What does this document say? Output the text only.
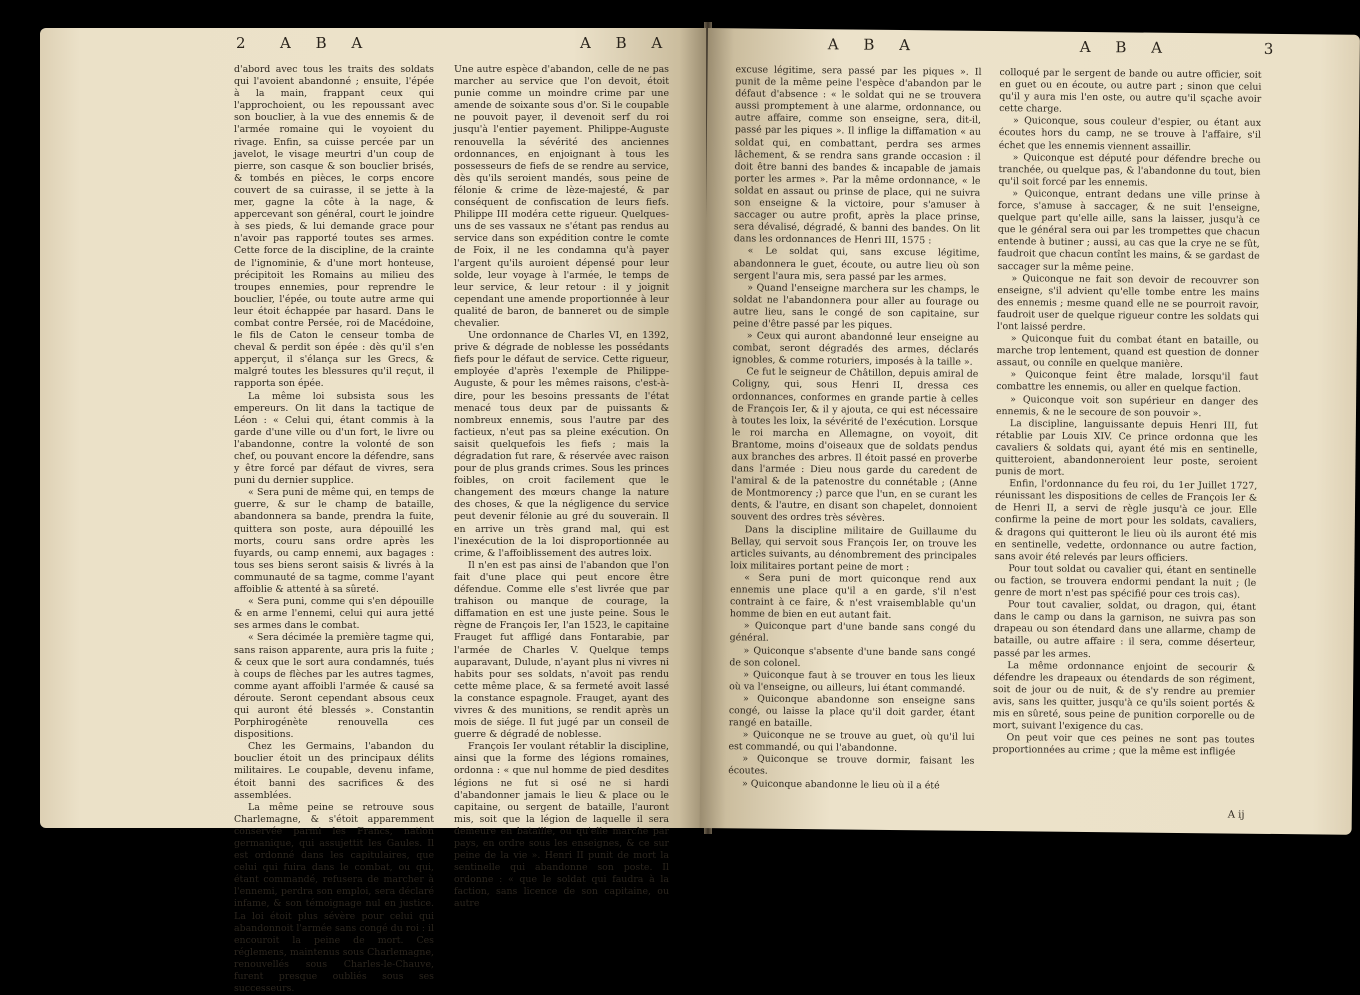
2 A B A	A B A

d'abord avec tous les traits des soldats qui l'avoient abandonné ; ensuite, l'épée à la main, frappant ceux qui l'approchoient, ou les repoussant avec son bouclier, à la vue des ennemis & de l'armée romaine qui le voyoient du rivage. Enfin, sa cuisse percée par un javelot, le visage meurtri d'un coup de pierre, son casque & son bouclier brisés, & tombés en pièces, le corps encore couvert de sa cuirasse, il se jette à la mer, gagne la côte à la nage, & appercevant son général, court le joindre à ses pieds, & lui demande grace pour n'avoir pas rapporté toutes ses armes. Cette force de la discipline, de la crainte de l'ignominie, & d'une mort honteuse, précipitoit les Romains au milieu des troupes ennemies, pour reprendre le bouclier, l'épée, ou toute autre arme qui leur étoit échappée par hasard. Dans le combat contre Persée, roi de Macédoine, le fils de Caton le censeur tomba de cheval & perdit son épée : dès qu'il s'en apperçut, il s'élança sur les Grecs, & malgré toutes les blessures qu'il reçut, il rapporta son épée.

La même loi subsista sous les empereurs. On lit dans la tactique de Léon : « Celui qui, étant commis à la garde d'une ville ou d'un fort, le livre ou l'abandonne, contre la volonté de son chef, ou pouvant encore la défendre, sans y être forcé par défaut de vivres, sera puni du dernier supplice.

« Sera puni de même qui, en temps de guerre, & sur le champ de bataille, abandonnera sa bande, prendra la fuite, quittera son poste, aura dépouillé les morts, couru sans ordre après les fuyards, ou camp ennemi, aux bagages : tous ses biens seront saisis & livrés à la communauté de sa tagme, comme l'ayant affoiblie & attenté à sa sûreté.

« Sera puni, comme qui s'en dépouille & en arme l'ennemi, celui qui aura jetté ses armes dans le combat.

« Sera décimée la première tagme qui, sans raison apparente, aura pris la fuite ; & ceux que le sort aura condamnés, tués à coups de flèches par les autres tagmes, comme ayant affoibli l'armée & causé sa déroute. Seront cependant absous ceux qui auront été blessés ». Constantin Porphirogénète renouvella ces dispositions.

Chez les Germains, l'abandon du bouclier étoit un des principaux délits militaires. Le coupable, devenu infame, étoit banni des sacrifices & des assemblées.

La même peine se retrouve sous Charlemagne, & s'étoit apparemment conservée parmi les Francs, nation germanique, qui assujettit les Gaules. Il est ordonné dans les capitulaires, que celui qui fuira dans le combat, ou qui, étant commandé, refusera de marcher à l'ennemi, perdra son emploi, sera déclaré infame, & son témoignage nul en justice. La loi étoit plus sévère pour celui qui abandonnoit l'armée sans congé du roi : il encouroit la peine de mort. Ces réglemens, maintenus sous Charlemagne, renouvellés sous Charles-le-Chauve, furent presque oubliés sous ses successeurs.

Une autre espèce d'abandon, celle de ne pas marcher au service que l'on devoit, étoit punie comme un moindre crime par une amende de soixante sous d'or. Si le coupable ne pouvoit payer, il devenoit serf du roi jusqu'à l'entier payement. Philippe-Auguste renouvella la sévérité des anciennes ordonnances, en enjoignant à tous les possesseurs de fiefs de se rendre au service, dès qu'ils seroient mandés, sous peine de félonie & crime de lèze-majesté, & par conséquent de confiscation de leurs fiefs. Philippe III modéra cette rigueur. Quelques-uns de ses vassaux ne s'étant pas rendus au service dans son expédition contre le comte de Foix, il ne les condamna qu'à payer l'argent qu'ils auroient dépensé pour leur solde, leur voyage à l'armée, le temps de leur service, & leur retour : il y joignit cependant une amende proportionnée à leur qualité de baron, de banneret ou de simple chevalier.

Une ordonnance de Charles VI, en 1392, prive & dégrade de noblesse les possédants fiefs pour le défaut de service. Cette rigueur, employée d'après l'exemple de Philippe-Auguste, & pour les mêmes raisons, c'est-à-dire, pour les besoins pressants de l'état menacé tous deux par de puissants & nombreux ennemis, sous l'autre par des factieux, n'eut pas sa pleine exécution. On saisit quelquefois les fiefs ; mais la dégradation fut rare, & réservée avec raison pour de plus grands crimes. Sous les princes foibles, on croit facilement que le changement des mœurs change la nature des choses, & que la négligence du service peut devenir félonie au gré du souverain. Il en arrive un très grand mal, qui est l'inexécution de la loi disproportionnée au crime, & l'affoiblissement des autres loix.

Il n'en est pas ainsi de l'abandon que l'on fait d'une place qui peut encore être défendue. Comme elle s'est livrée que par trahison ou manque de courage, la diffamation en est une juste peine. Sous le règne de François Ier, l'an 1523, le capitaine Frauget fut affligé dans Fontarabie, par l'armée de Charles V. Quelque temps auparavant, Dulude, n'ayant plus ni vivres ni habits pour ses soldats, n'avoit pas rendu cette même place, & sa fermeté avoit lassé la constance espagnole. Frauget, ayant des vivres & des munitions, se rendit après un mois de siége. Il fut jugé par un conseil de guerre & dégradé de noblesse.

François Ier voulant rétablir la discipline, ainsi que la forme des légions romaines, ordonna : « que nul homme de pied desdites légions ne fut si osé ne si hardi d'abandonner jamais le lieu & place ou le capitaine, ou sergent de bataille, l'auront mis, soit que la légion de laquelle il sera demeure en bataille, ou qu'elle marche par pays, en ordre sous les enseignes, & ce sur peine de la vie ». Henri II punit de mort la sentinelle qui abandonne son poste. Il ordonne : « que le soldat qui faudra à la faction, sans licence de son capitaine, ou autre

A B A	A B A	3

excuse légitime, sera passé par les piques ». Il punit de la même peine l'espèce d'abandon par le défaut d'absence : « le soldat qui ne se trouvera aussi promptement à une alarme, ordonnance, ou autre affaire, comme son enseigne, sera, dit-il, passé par les piques ». Il inflige la diffamation « au soldat qui, en combattant, perdra ses armes lâchement, & se rendra sans grande occasion : il doit être banni des bandes & incapable de jamais porter les armes ». Par la même ordonnance, « le soldat en assaut ou prinse de place, qui ne suivra son enseigne & la victoire, pour s'amuser à saccager ou autre profit, après la place prinse, sera dévalisé, dégradé, & banni des bandes. On lit dans les ordonnances de Henri III, 1575 :

« Le soldat qui, sans excuse légitime, abandonnera le guet, écoute, ou autre lieu où son sergent l'aura mis, sera passé par les armes.

» Quand l'enseigne marchera sur les champs, le soldat ne l'abandonnera pour aller au fourage ou autre lieu, sans le congé de son capitaine, sur peine d'être passé par les piques.

» Ceux qui auront abandonné leur enseigne au combat, seront dégradés des armes, déclarés ignobles, & comme roturiers, imposés à la taille ».

Ce fut le seigneur de Châtillon, depuis amiral de Coligny, qui, sous Henri II, dressa ces ordonnances, conformes en grande partie à celles de François Ier, & il y ajouta, ce qui est nécessaire à toutes les loix, la sévérité de l'exécution. Lorsque le roi marcha en Allemagne, on voyoit, dit Brantome, moins d'oiseaux que de soldats pendus aux branches des arbres. Il étoit passé en proverbe dans l'armée : Dieu nous garde du caredent de l'amiral & de la patenostre du connétable ; (Anne de Montmorency ;) parce que l'un, en se curant les dents, & l'autre, en disant son chapelet, donnoient souvent des ordres très sévères.

Dans la discipline militaire de Guillaume du Bellay, qui servoit sous François Ier, on trouve les articles suivants, au dénombrement des principales loix militaires portant peine de mort :

« Sera puni de mort quiconque rend aux ennemis une place qu'il a en garde, s'il n'est contraint à ce faire, & n'est vraisemblable qu'un homme de bien en eut autant fait.

» Quiconque part d'une bande sans congé du général.

» Quiconque s'absente d'une bande sans congé de son colonel.

» Quiconque faut à se trouver en tous les lieux où va l'enseigne, ou ailleurs, lui étant commandé.

» Quiconque abandonne son enseigne sans congé, ou laisse la place qu'il doit garder, étant rangé en bataille.

» Quiconque ne se trouve au guet, où qu'il lui est commandé, ou qui l'abandonne.

» Quiconque se trouve dormir, faisant les écoutes.

» Quiconque abandonne le lieu où il a été

colloqué par le sergent de bande ou autre officier, soit en guet ou en écoute, ou autre part ; sinon que celui qu'il y aura mis l'en oste, ou autre qu'il sçache avoir cette charge.

» Quiconque, sous couleur d'espier, ou étant aux écoutes hors du camp, ne se trouve à l'affaire, s'il échet que les ennemis viennent assaillir.

» Quiconque est député pour défendre breche ou tranchée, ou quelque pas, & l'abandonne du tout, bien qu'il soit forcé par les ennemis.

» Quiconque, entrant dedans une ville prinse à force, s'amuse à saccager, & ne suit l'enseigne, quelque part qu'elle aille, sans la laisser, jusqu'à ce que le général sera oui par les trompettes que chacun entende à butiner ; aussi, au cas que la crye ne se fût, faudroit que chacun contînt les mains, & se gardast de saccager sur la même peine.

» Quiconque ne fait son devoir de recouvrer son enseigne, s'il advient qu'elle tombe entre les mains des ennemis ; mesme quand elle ne se pourroit ravoir, faudroit user de quelque rigueur contre les soldats qui l'ont laissé perdre.

» Quiconque fuit du combat étant en bataille, ou marche trop lentement, quand est question de donner assaut, ou connîle en quelque manière.

» Quiconque feint être malade, lorsqu'il faut combattre les ennemis, ou aller en quelque faction.

» Quiconque voit son supérieur en danger des ennemis, & ne le secoure de son pouvoir ».

La discipline, languissante depuis Henri III, fut rétablie par Louis XIV. Ce prince ordonna que les cavaliers & soldats qui, ayant été mis en sentinelle, quitteroient, abandonneroient leur poste, seroient punis de mort.

Enfin, l'ordonnance du feu roi, du 1er Juillet 1727, réunissant les dispositions de celles de François Ier & de Henri II, a servi de règle jusqu'à ce jour. Elle confirme la peine de mort pour les soldats, cavaliers, & dragons qui quitteront le lieu où ils auront été mis en sentinelle, vedette, ordonnance ou autre faction, sans avoir été relevés par leurs officiers.

Pour tout soldat ou cavalier qui, étant en sentinelle ou faction, se trouvera endormi pendant la nuit ; (le genre de mort n'est pas spécifié pour ces trois cas).

Pour tout cavalier, soldat, ou dragon, qui, étant dans le camp ou dans la garnison, ne suivra pas son drapeau ou son étendard dans une allarme, champ de bataille, ou autre affaire : il sera, comme déserteur, passé par les armes.

La même ordonnance enjoint de secourir & défendre les drapeaux ou étendards de son régiment, soit de jour ou de nuit, & de s'y rendre au premier avis, sans les quitter, jusqu'à ce qu'ils soient portés & mis en sûreté, sous peine de punition corporelle ou de mort, suivant l'exigence du cas.

On peut voir que ces peines ne sont pas toutes proportionnées au crime ; que la même est infligée

A ij
